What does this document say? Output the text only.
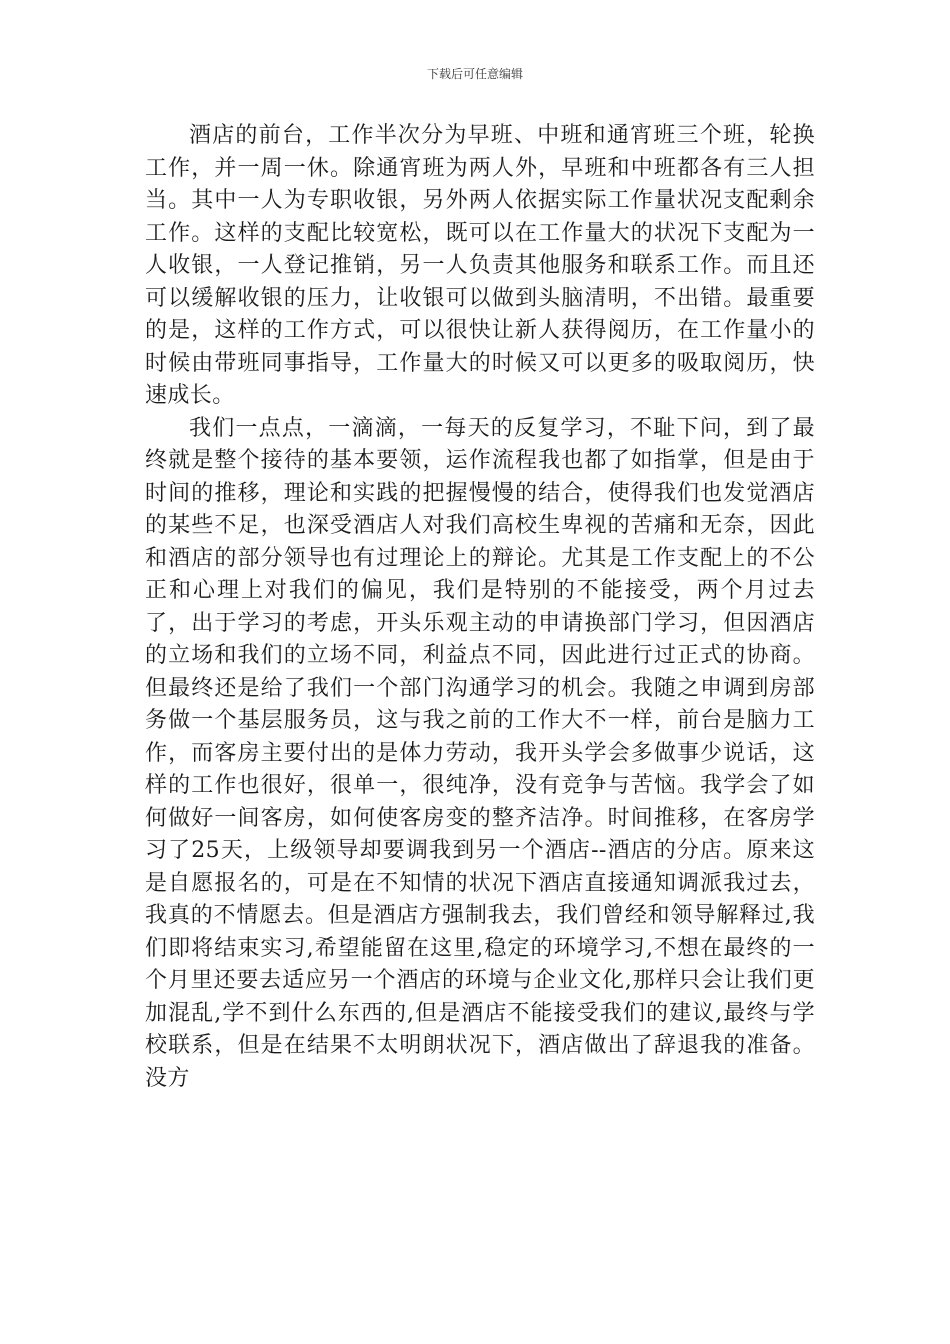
下载后可任意编辑

酒店的前台，工作半次分为早班、中班和通宵班三个班，轮换工作，并一周一休。除通宵班为两人外，早班和中班都各有三人担当。其中一人为专职收银，另外两人依据实际工作量状况支配剩余工作。这样的支配比较宽松，既可以在工作量大的状况下支配为一人收银，一人登记推销，另一人负责其他服务和联系工作。而且还可以缓解收银的压力，让收银可以做到头脑清明，不出错。最重要的是，这样的工作方式，可以很快让新人获得阅历，在工作量小的时候由带班同事指导，工作量大的时候又可以更多的吸取阅历，快速成长。

我们一点点，一滴滴，一每天的反复学习，不耻下问，到了最终就是整个接待的基本要领，运作流程我也都了如指掌，但是由于时间的推移，理论和实践的把握慢慢的结合，使得我们也发觉酒店的某些不足，也深受酒店人对我们高校生卑视的苦痛和无奈，因此和酒店的部分领导也有过理论上的辩论。尤其是工作支配上的不公正和心理上对我们的偏见，我们是特别的不能接受，两个月过去了，出于学习的考虑，开头乐观主动的申请换部门学习，但因酒店的立场和我们的立场不同，利益点不同，因此进行过正式的协商。但最终还是给了我们一个部门沟通学习的机会。我随之申调到房部务做一个基层服务员，这与我之前的工作大不一样，前台是脑力工作，而客房主要付出的是体力劳动，我开头学会多做事少说话，这样的工作也很好，很单一，很纯净，没有竞争与苦恼。我学会了如何做好一间客房，如何使客房变的整齐洁净。时间推移，在客房学习了25天，上级领导却要调我到另一个酒店--酒店的分店。原来这是自愿报名的，可是在不知情的状况下酒店直接通知调派我过去，我真的不情愿去。但是酒店方强制我去，我们曾经和领导解释过,我们即将结束实习,希望能留在这里,稳定的环境学习,不想在最终的一个月里还要去适应另一个酒店的环境与企业文化,那样只会让我们更加混乱,学不到什么东西的,但是酒店不能接受我们的建议,最终与学校联系，但是在结果不太明朗状况下，酒店做出了辞退我的准备。没方
